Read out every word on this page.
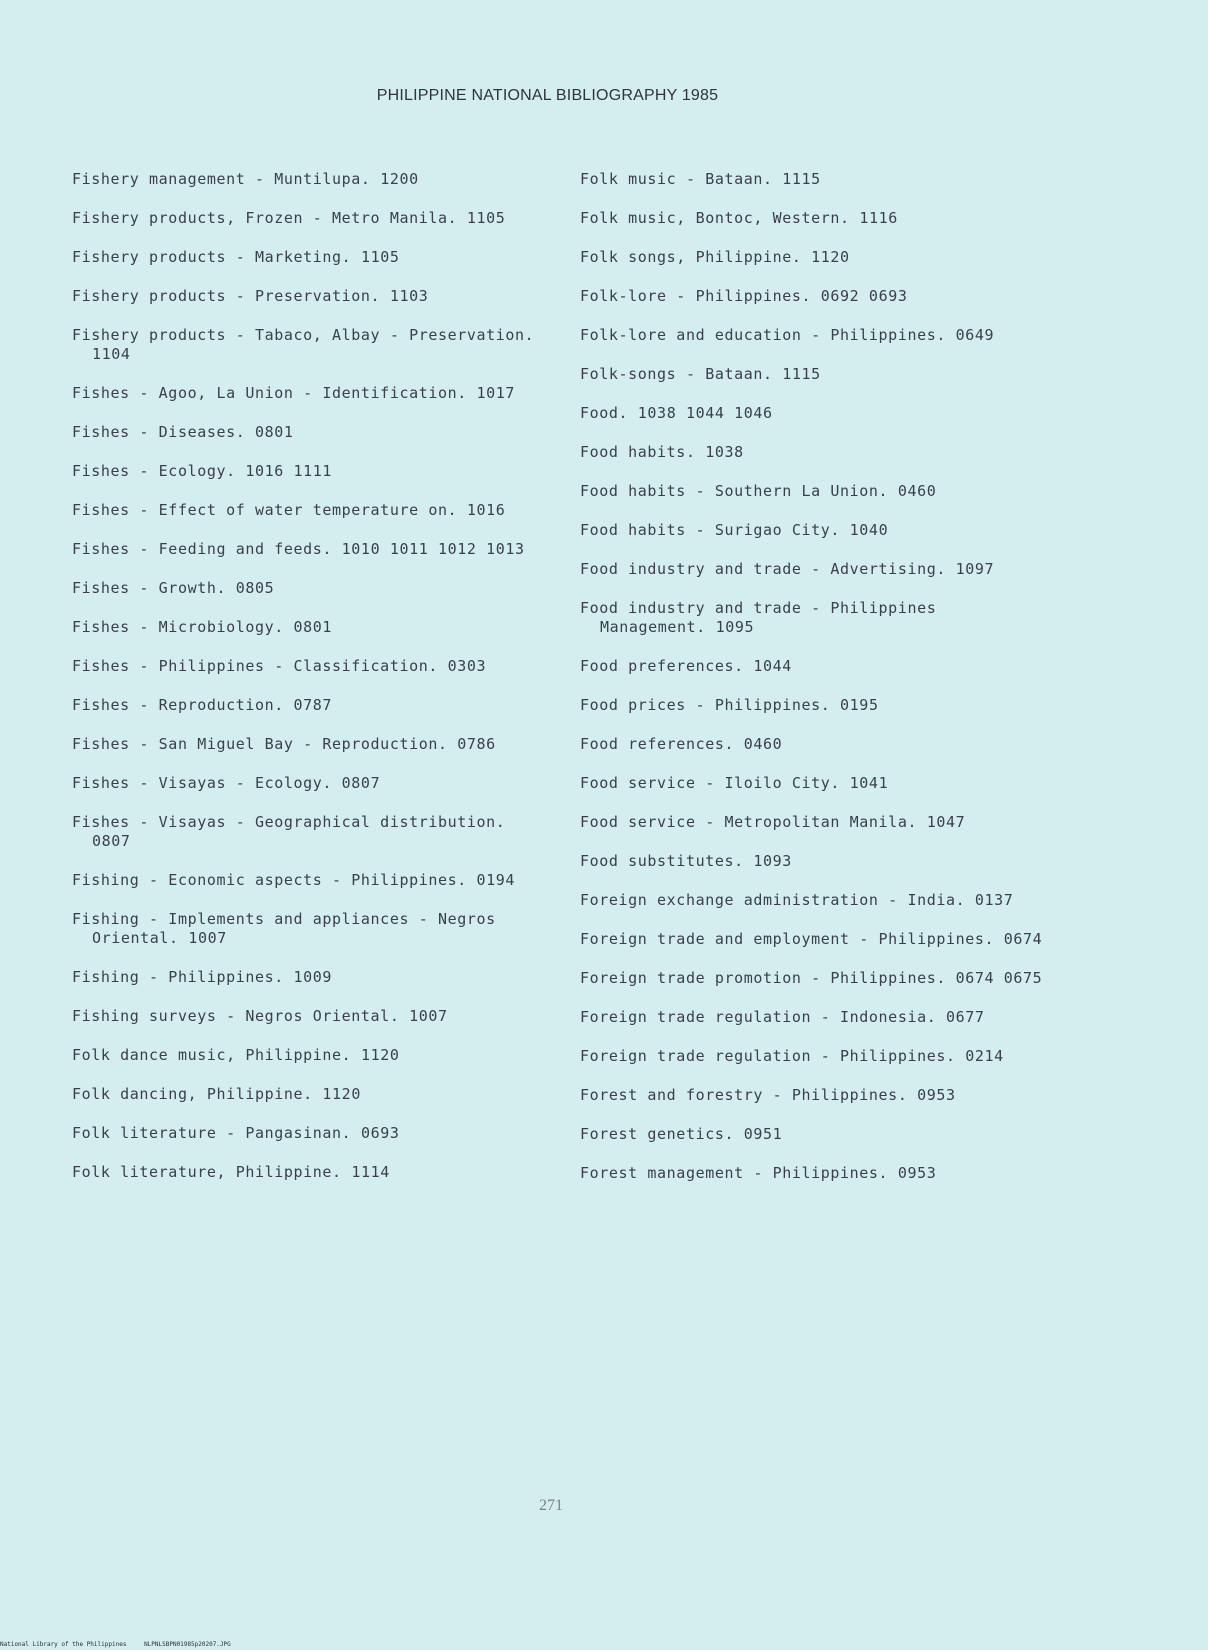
PHILIPPINE NATIONAL BIBLIOGRAPHY 1985
Fishery management - Muntilupa. 1200
Fishery products, Frozen - Metro Manila. 1105
Fishery products - Marketing. 1105
Fishery products - Preservation. 1103
Fishery products - Tabaco, Albay - Preservation. 1104
Fishes - Agoo, La Union - Identification. 1017
Fishes - Diseases. 0801
Fishes - Ecology. 1016 1111
Fishes - Effect of water temperature on. 1016
Fishes - Feeding and feeds. 1010 1011 1012 1013
Fishes - Growth. 0805
Fishes - Microbiology. 0801
Fishes - Philippines - Classification. 0303
Fishes - Reproduction. 0787
Fishes - San Miguel Bay - Reproduction. 0786
Fishes - Visayas - Ecology. 0807
Fishes - Visayas - Geographical distribution. 0807
Fishing - Economic aspects - Philippines. 0194
Fishing - Implements and appliances - Negros Oriental. 1007
Fishing - Philippines. 1009
Fishing surveys - Negros Oriental. 1007
Folk dance music, Philippine. 1120
Folk dancing, Philippine. 1120
Folk literature - Pangasinan. 0693
Folk literature, Philippine. 1114
Folk music - Bataan. 1115
Folk music, Bontoc, Western. 1116
Folk songs, Philippine. 1120
Folk-lore - Philippines. 0692 0693
Folk-lore and education - Philippines. 0649
Folk-songs - Bataan. 1115
Food. 1038 1044 1046
Food habits. 1038
Food habits - Southern La Union. 0460
Food habits - Surigao City. 1040
Food industry and trade - Advertising. 1097
Food industry and trade - Philippines Management. 1095
Food preferences. 1044
Food prices - Philippines. 0195
Food references. 0460
Food service - Iloilo City. 1041
Food service - Metropolitan Manila. 1047
Food substitutes. 1093
Foreign exchange administration - India. 0137
Foreign trade and employment - Philippines. 0674
Foreign trade promotion - Philippines. 0674 0675
Foreign trade regulation - Indonesia. 0677
Foreign trade regulation - Philippines. 0214
Forest and forestry - Philippines. 0953
Forest genetics. 0951
Forest management - Philippines. 0953
271
National Library of the Philippines	NLPNLSBPN01985p20207.JPG
